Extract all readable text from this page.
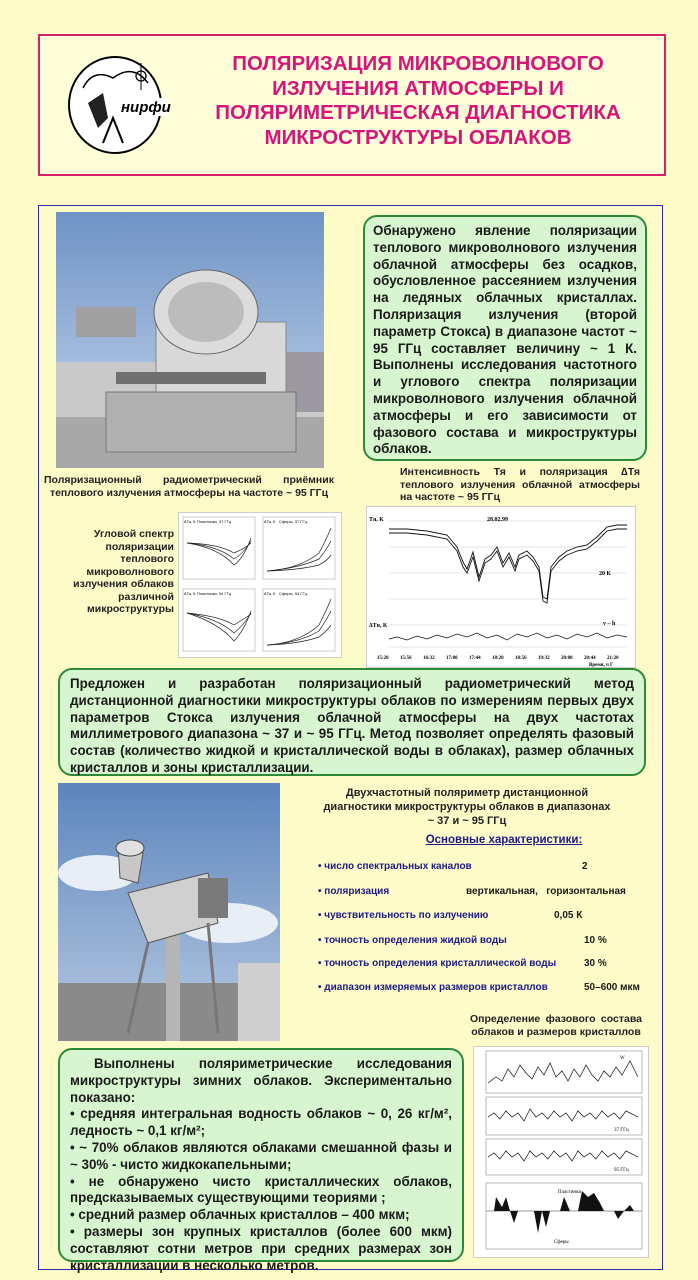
нирфи
ПОЛЯРИЗАЦИЯ МИКРОВОЛНОВОГО
ИЗЛУЧЕНИЯ АТМОСФЕРЫ И
ПОЛЯРИМЕТРИЧЕСКАЯ ДИАГНОСТИКА
МИКРОСТРУКТУРЫ ОБЛАКОВ
Обнаружено явление поляризации теплового микроволнового излучения облачной атмосферы без осадков, обусловленное рассеянием излучения на ледяных облачных кристаллах. Поляризация излучения (второй параметр Стокса) в диапазоне частот ~ 95 ГГц составляет величину ~ 1 К. Выполнены исследования частотного и углового спектра поляризации микроволнового излучения облачной атмосферы и его зависимости от фазового состава и микроструктуры облаков.
Поляризационный радиометрический приёмник теплового излучения атмосферы на частоте ~ 95 ГГц
Интенсивность Тя и поляризация ∆Тя теплового излучения облачной атмосферы на частоте ~ 95 ГГц
Угловой спектр поляризации теплового микроволнового излучения облаков различной микроструктуры
Пластинки, 37 ГГц
∆Тя, К	Сферы, 37 ГГц
∆Тя, К
Пластинки, 94 ГГц
∆Тя, К	Сферы, 94 ГГц
∆Тя, К
Tя, К
∆Tя, К
28.02.99
20 К
v – h
15:20 15:56 16:32 17:08 17:44 18:20 18:56 19:32 20:08 20:44 21:20
Время, ч Г
Предложен и разработан поляризационный радиометрический метод дистанционной диагностики микроструктуры облаков по измерениям первых двух параметров Стокса излучения облачной атмосферы на двух частотах миллиметрового диапазона ~ 37 и ~ 95 ГГц. Метод позволяет определять фазовый состав (количество жидкой и кристаллической воды в облаках), размер облачных кристаллов и зоны кристаллизации.
Двухчастотный поляриметр дистанционной диагностики микроструктуры облаков в диапазонах ~ 37 и ~ 95 ГГц
Основные характеристики:
• число спектральных каналов	2
• поляризация	вертикальная,   горизонтальная
• чувствительность по излучению	0,05 К
• точность определения жидкой воды	10 %
• точность определения кристаллической воды	30 %
• диапазон измеряемых размеров кристаллов	50–600 мкм
Определение фазового состава облаков и размеров кристаллов

Выполнены поляриметрические исследования микроструктуры зимних облаков. Экспериментально показано:

• средняя интегральная водность облаков ~ 0, 26 кг/м², ледность ~ 0,1 кг/м²;

• ~ 70% облаков являются облаками смешанной фазы и ~ 30% - чисто жидкокапельными;

• не обнаружено чисто кристаллических облаков, предсказываемых существующими теориями ;

• средний размер облачных кристаллов – 400 мкм;

• размеры зон крупных кристаллов (более 600 мкм) составляют сотни метров при средних размерах зон кристаллизации в несколько метров.

W
37 ГГц
95 ГГц
Пластинки
Сферы
